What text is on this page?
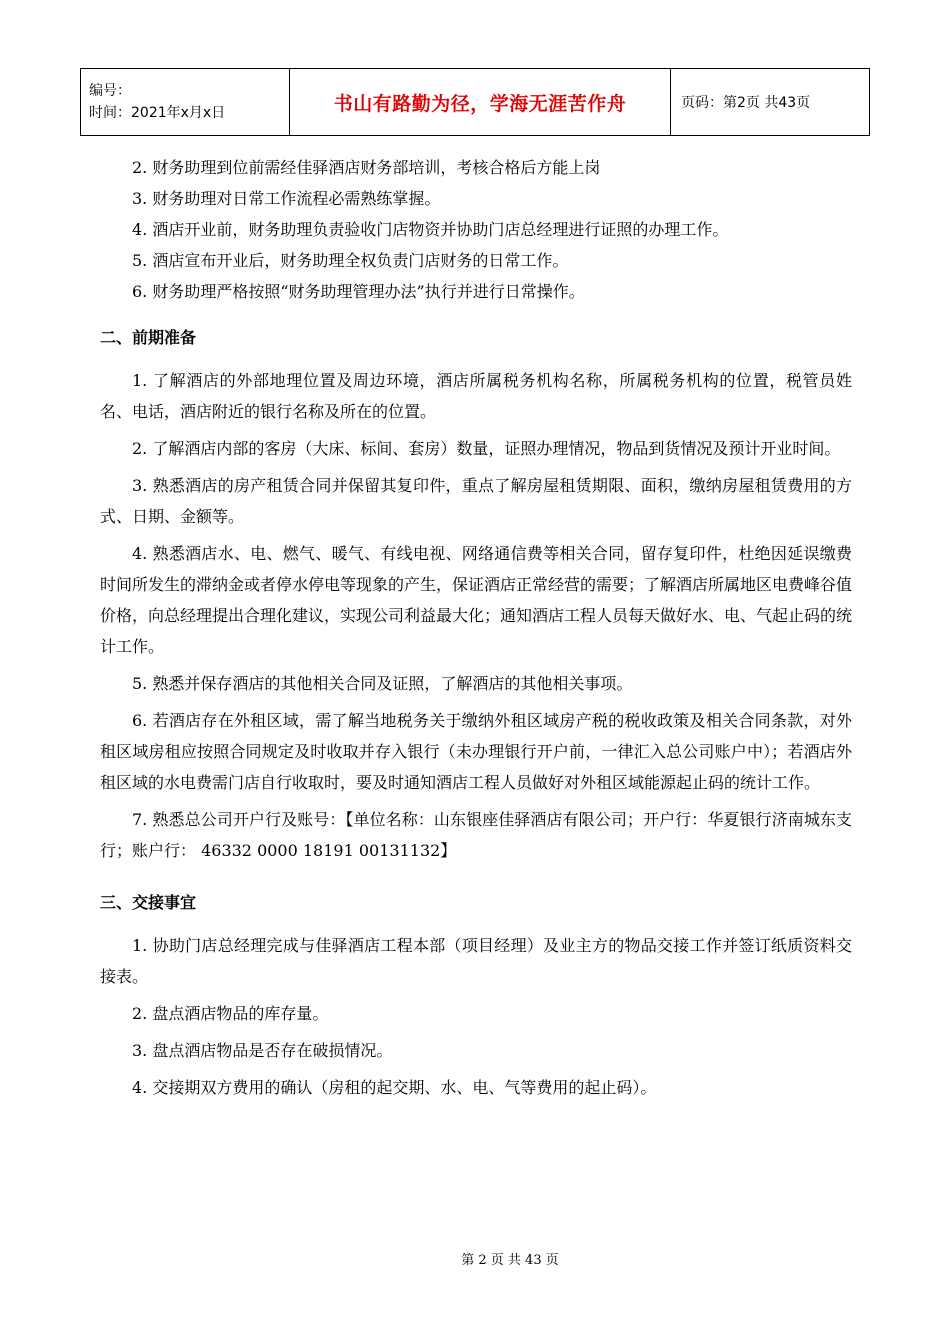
编号：
时间：2021年x月x日	书山有路勤为径，学海无涯苦作舟	页码：第2页 共43页

2. 财务助理到位前需经佳驿酒店财务部培训，考核合格后方能上岗

3. 财务助理对日常工作流程必需熟练掌握。

4. 酒店开业前，财务助理负责验收门店物资并协助门店总经理进行证照的办理工作。

5. 酒店宣布开业后，财务助理全权负责门店财务的日常工作。

6. 财务助理严格按照“财务助理管理办法”执行并进行日常操作。

二、前期准备

1. 了解酒店的外部地理位置及周边环境，酒店所属税务机构名称，所属税务机构的位置，税管员姓名、电话，酒店附近的银行名称及所在的位置。

2. 了解酒店内部的客房（大床、标间、套房）数量，证照办理情况，物品到货情况及预计开业时间。

3. 熟悉酒店的房产租赁合同并保留其复印件，重点了解房屋租赁期限、面积，缴纳房屋租赁费用的方式、日期、金额等。

4. 熟悉酒店水、电、燃气、暖气、有线电视、网络通信费等相关合同，留存复印件，杜绝因延误缴费时间所发生的滞纳金或者停水停电等现象的产生，保证酒店正常经营的需要；了解酒店所属地区电费峰谷值价格，向总经理提出合理化建议，实现公司利益最大化；通知酒店工程人员每天做好水、电、气起止码的统计工作。

5. 熟悉并保存酒店的其他相关合同及证照，了解酒店的其他相关事项。

6. 若酒店存在外租区域，需了解当地税务关于缴纳外租区域房产税的税收政策及相关合同条款，对外租区域房租应按照合同规定及时收取并存入银行（未办理银行开户前，一律汇入总公司账户中）；若酒店外租区域的水电费需门店自行收取时，要及时通知酒店工程人员做好对外租区域能源起止码的统计工作。

7. 熟悉总公司开户行及账号：【单位名称：山东银座佳驿酒店有限公司；开户行：华夏银行济南城东支行；账户行： 46332 0000 18191 00131132】

三、交接事宜

1. 协助门店总经理完成与佳驿酒店工程本部（项目经理）及业主方的物品交接工作并签订纸质资料交接表。

2. 盘点酒店物品的库存量。

3. 盘点酒店物品是否存在破损情况。

4. 交接期双方费用的确认（房租的起交期、水、电、气等费用的起止码）。

第 2 页 共 43 页
